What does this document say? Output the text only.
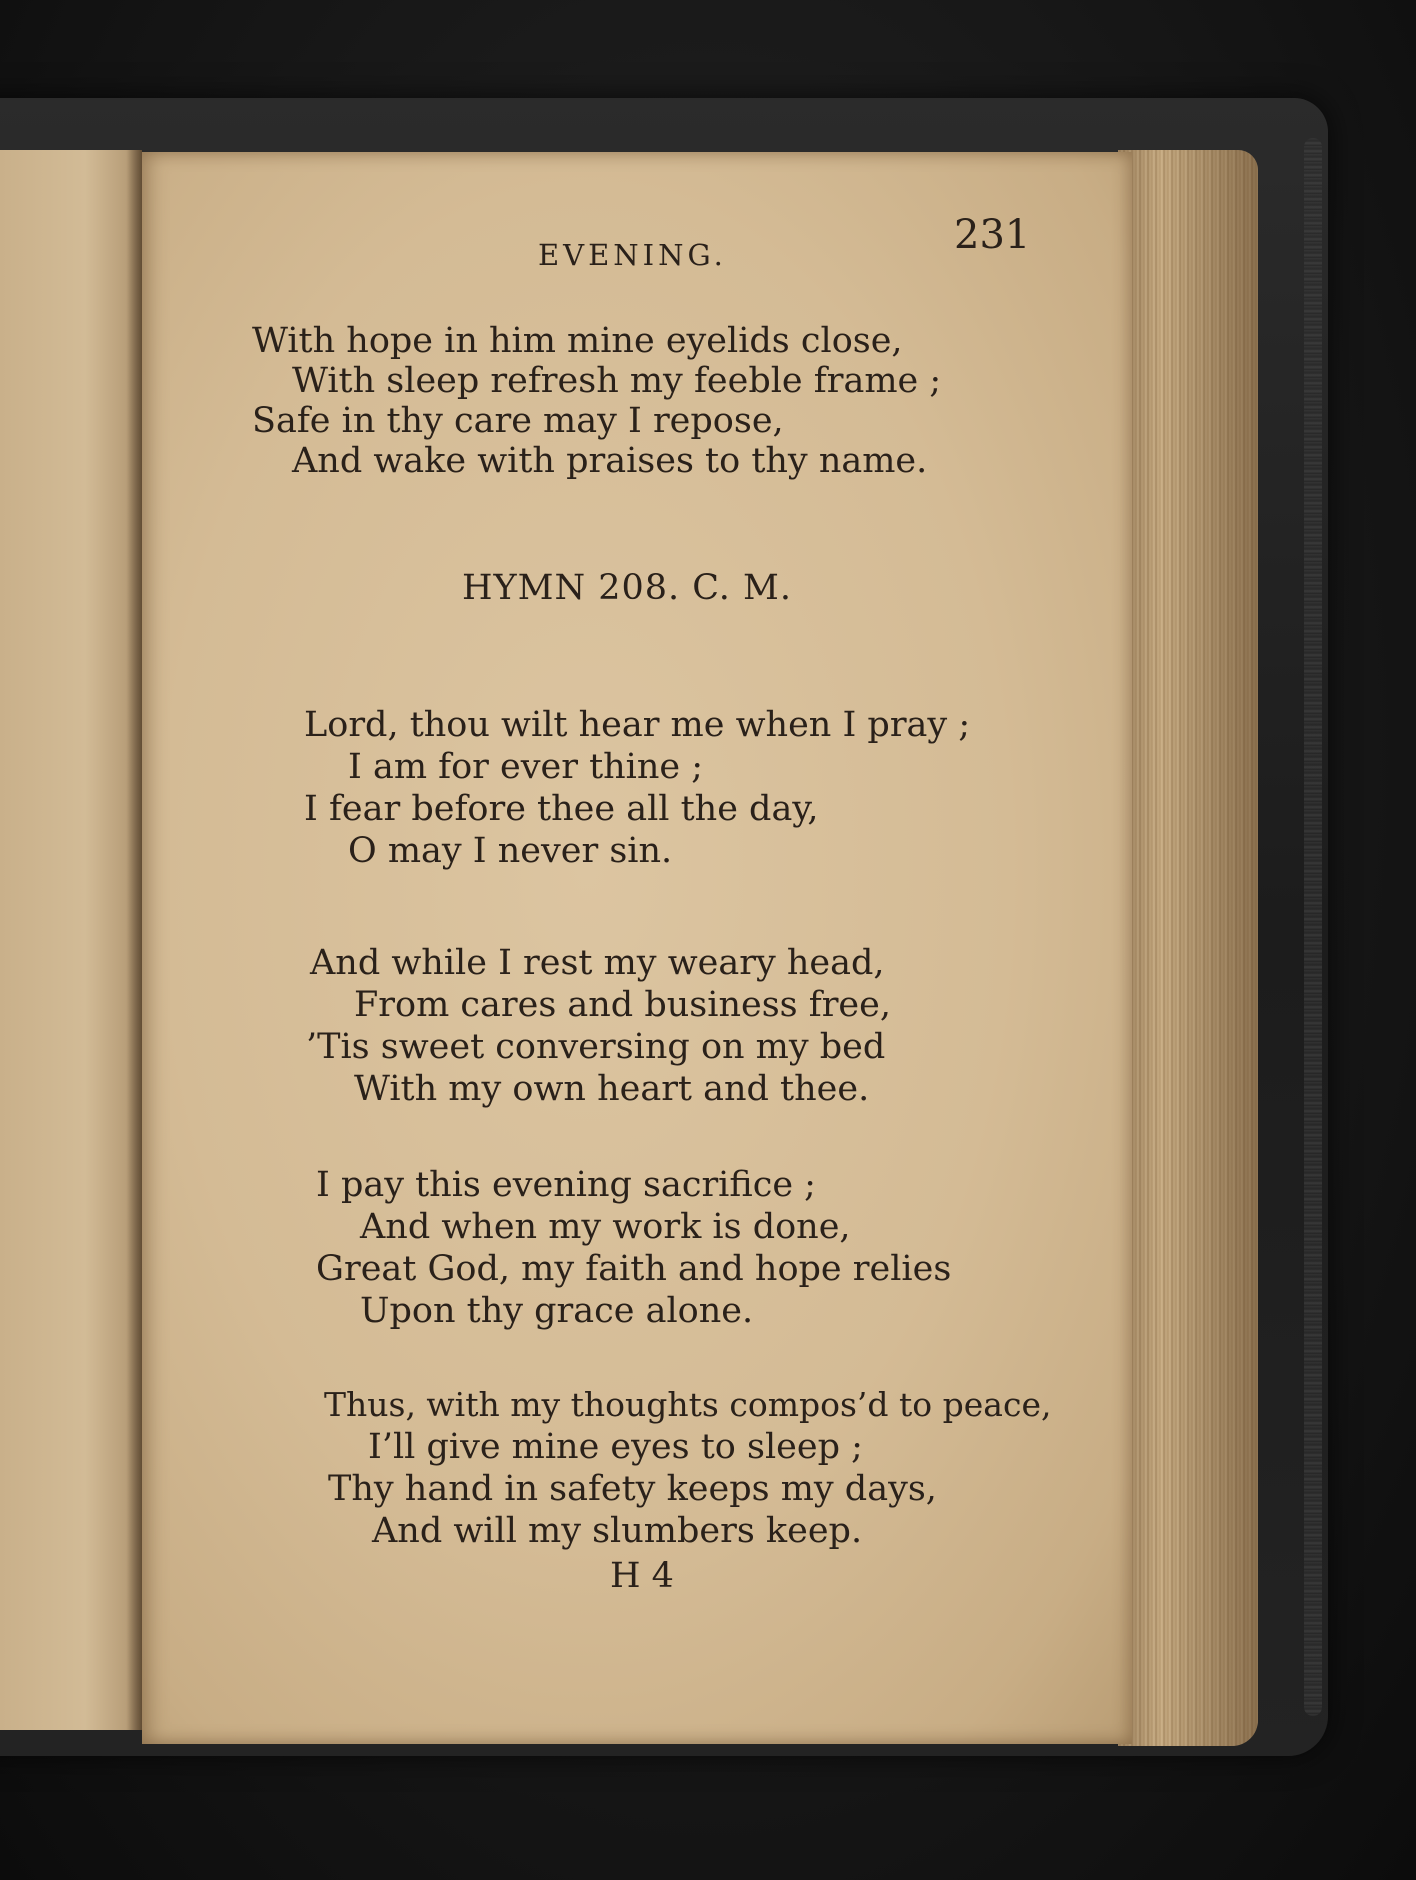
EVENING.	231
With hope in him mine eyelids close,
With sleep refresh my feeble frame ;
Safe in thy care may I repose,
And wake with praises to thy name.
HYMN 208. C. M.
Lord, thou wilt hear me when I pray ;
I am for ever thine ;
I fear before thee all the day,
O may I never sin.
And while I rest my weary head,
From cares and business free,
’Tis sweet conversing on my bed
With my own heart and thee.
I pay this evening sacrifice ;
And when my work is done,
Great God, my faith and hope relies
Upon thy grace alone.
Thus, with my thoughts compos’d to peace,
I’ll give mine eyes to sleep ;
Thy hand in safety keeps my days,
And will my slumbers keep.
H 4
